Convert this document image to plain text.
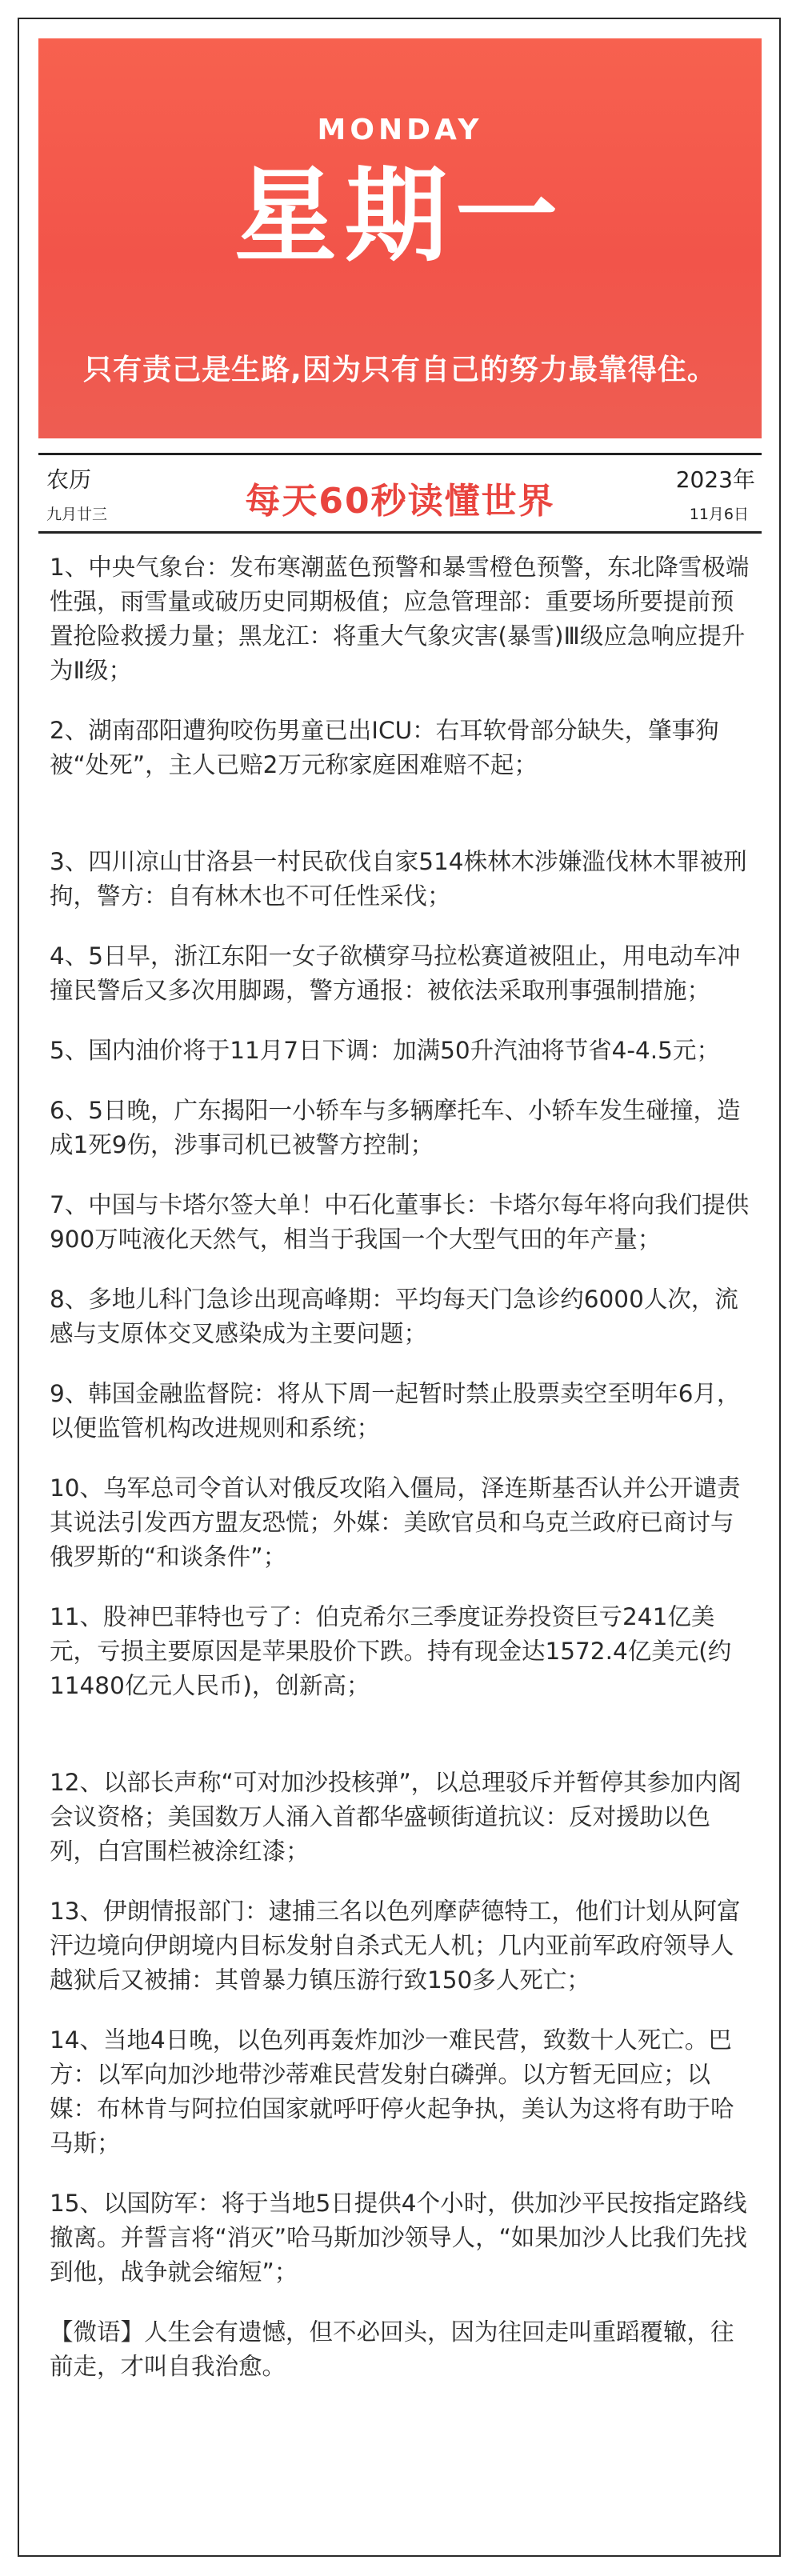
MONDAY
星期一
只有责己是生路,因为只有自己的努力最靠得住。
农历
九月廿三	每天60秒读懂世界
2023年
11月6日

1、中央气象台：发布寒潮蓝色预警和暴雪橙色预警，东北降雪极端性强，雨雪量或破历史同期极值；应急管理部：重要场所要提前预置抢险救援力量；黑龙江：将重大气象灾害(暴雪)Ⅲ级应急响应提升为Ⅱ级；

2、湖南邵阳遭狗咬伤男童已出ICU：右耳软骨部分缺失，肇事狗被“处死”，主人已赔2万元称家庭困难赔不起；

3、四川凉山甘洛县一村民砍伐自家514株林木涉嫌滥伐林木罪被刑拘，警方：自有林木也不可任性采伐；

4、5日早，浙江东阳一女子欲横穿马拉松赛道被阻止，用电动车冲撞民警后又多次用脚踢，警方通报：被依法采取刑事强制措施；

5、国内油价将于11月7日下调：加满50升汽油将节省4-4.5元；

6、5日晚，广东揭阳一小轿车与多辆摩托车、小轿车发生碰撞，造成1死9伤，涉事司机已被警方控制；

7、中国与卡塔尔签大单！中石化董事长：卡塔尔每年将向我们提供900万吨液化天然气，相当于我国一个大型气田的年产量；

8、多地儿科门急诊出现高峰期：平均每天门急诊约6000人次，流感与支原体交叉感染成为主要问题；

9、韩国金融监督院：将从下周一起暂时禁止股票卖空至明年6月，以便监管机构改进规则和系统；

10、乌军总司令首认对俄反攻陷入僵局，泽连斯基否认并公开谴责其说法引发西方盟友恐慌；外媒：美欧官员和乌克兰政府已商讨与俄罗斯的“和谈条件”；

11、股神巴菲特也亏了：伯克希尔三季度证券投资巨亏241亿美元，亏损主要原因是苹果股价下跌。持有现金达1572.4亿美元(约11480亿元人民币)，创新高；

12、以部长声称“可对加沙投核弹”，以总理驳斥并暂停其参加内阁会议资格；美国数万人涌入首都华盛顿街道抗议：反对援助以色列，白宫围栏被涂红漆；

13、伊朗情报部门：逮捕三名以色列摩萨德特工，他们计划从阿富汗边境向伊朗境内目标发射自杀式无人机；几内亚前军政府领导人越狱后又被捕：其曾暴力镇压游行致150多人死亡；

14、当地4日晚，以色列再轰炸加沙一难民营，致数十人死亡。巴方：以军向加沙地带沙蒂难民营发射白磷弹。以方暂无回应；以媒：布林肯与阿拉伯国家就呼吁停火起争执，美认为这将有助于哈马斯；

15、以国防军：将于当地5日提供4个小时，供加沙平民按指定路线撤离。并誓言将“消灭”哈马斯加沙领导人，“如果加沙人比我们先找到他，战争就会缩短”；

【微语】人生会有遗憾，但不必回头，因为往回走叫重蹈覆辙，往前走，才叫自我治愈。
